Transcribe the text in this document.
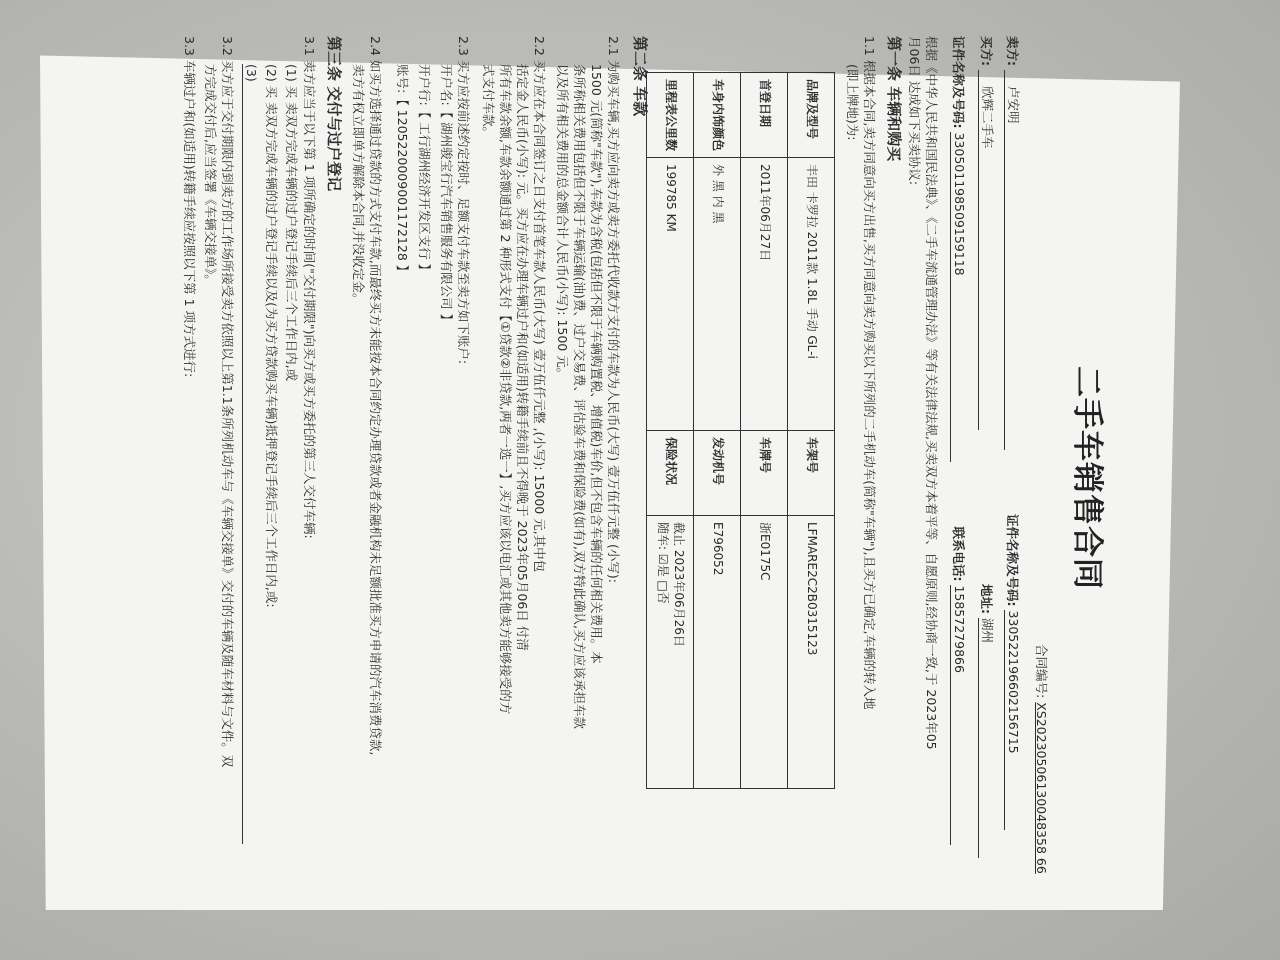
二手车销售合同
合同编号: XS20230506130048358 66
卖方: 卢安明 证件名称及号码: 330522196602156715
买方: 欣辉二手车 地址: 湖州
证件名称及号码: 330501198509159118 联系电话: 15857279866
根据《中华人民共和国民法典》、《二手车流通管理办法》等有关法律法规,买卖双方本着平等、自愿原则,经协商一致,于 2023年05
月06日 达成如下买卖协议:
第一条 车辆和购买
1.1 根据本合同,卖方同意向买方出售,买方同意向卖方购买以下所列的二手机动车(简称"车辆"),且买方已确定,车辆的转入地
(即上牌地)为:
品牌及型号	丰田 卡罗拉 2011款 1.8L 手动 GL-i	车架号	LFMARE2C2B0315123
首登日期	2011年06月27日	车牌号	浙E0175C
车身内饰颜色	外 黑 内 黑	发动机号	E796052
里程表公里数	199785 KM	保险状况	截止 2023年06月26日
随车: ☑是 □否
第二条 车款
2.1 为购买车辆,买方应向卖方或卖方委托代收款方支付的车款为人民币(大写) 壹万伍仟元整 (小写):
1500 元(简称"车款"),车款为含税(包括但不限于车辆购置税、增值税)车价,但不包含车辆的任何相关费用。本
条所称相关费用包括但不限于车辆运输(油)费、过户交易费、评估验车费和保险费(如有),双方特此确认,买方应该承担车款
以及所有相关费用的总金额合计人民币(小写): 1500 元。
2.2 买方应在本合同签订之日支付首笔车款人民币(大写) 壹万伍仟元整 ,(小写): 15000 元,其中包
括定金人民币(小写): 元。买方应在办理车辆过户和(如适用)转籍手续前且不得晚于 2023年05月06日 付清
所有车款余额,车款余额通过第 2 种形式支付【①贷款②非贷款,两者一选一】,买方应该以电汇或其他卖方能够接受的方
式支付车款。
2.3 买方应按前述约定按时、足额支付车款至卖方如下账户:
开户名:【 湖州骏宝行汽车销售服务有限公司 】
开户行:【 工行湖州经济开发区支行 】
账号:【 1205220009001172128 】
2.4 如买方选择通过贷款的方式支付车款,而最终买方未能按本合同约定办理贷款或者金融机构未足额批准买方申请的汽车消费贷款,
卖方有权立即单方解除本合同,并没收定金。
第三条 交付与过户登记
3.1 卖方应当于以下第 1 项所确定的时间("交付期限")向买方或买方委托的第三人交付车辆:
(1) 买 卖双方完成车辆的过户登记手续后三个工作日内,或
(2) 买 卖双方完成车辆的过户登记手续以及(为买方贷款购买车辆)抵押登记手续后三个工作日内,或:
(3)
3.2 买方应于交付期限内到卖方的工作场所接受卖方依照以上第1.1条所列机动车与《车辆交接单》交付的车辆及随车材料与文件。双
方完成交付后,应当签署《车辆交接单》。
3.3 车辆过户和(如适用)转籍手续应按照以下第 1 项方式进行:
